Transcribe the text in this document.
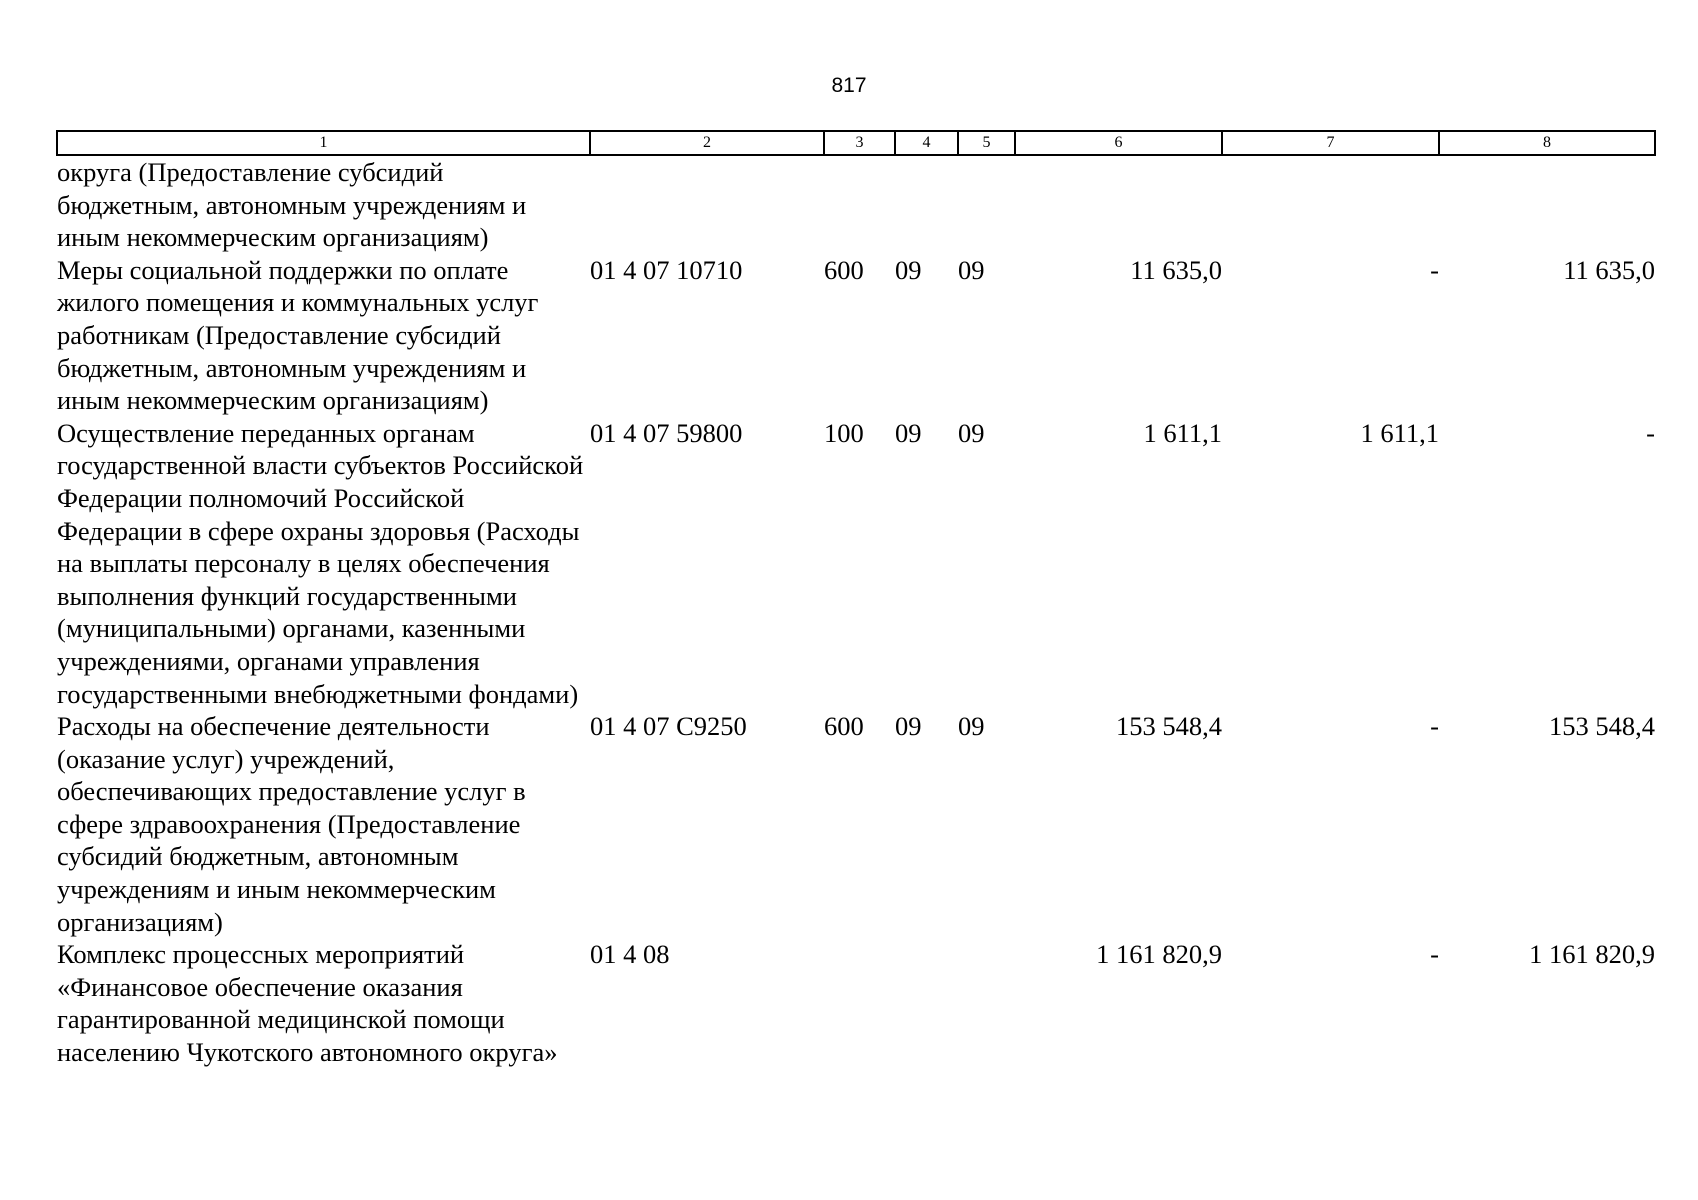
817
1	2	3	4	5	6	7	8
округа (Предоставление субсидий бюджетным, автономным учреждениям и иным некоммерческим организациям)							
Меры социальной поддержки по оплате жилого помещения и коммунальных услуг работникам (Предоставление субсидий бюджетным, автономным учреждениям и иным некоммерческим организациям)	01 4 07 10710	600	09	09	11 635,0	-	11 635,0
Осуществление переданных органам государственной власти субъектов Российской Федерации полномочий Российской Федерации в сфере охраны здоровья (Расходы на выплаты персоналу в целях обеспечения выполнения функций государственными (муниципальными) органами, казенными учреждениями, органами управления государственными внебюджетными фондами)	01 4 07 59800	100	09	09	1 611,1	1 611,1	-
Расходы на обеспечение деятельности (оказание услуг) учреждений, обеспечивающих предоставление услуг в сфере здравоохранения (Предоставление субсидий бюджетным, автономным учреждениям и иным некоммерческим организациям)	01 4 07 С9250	600	09	09	153 548,4	-	153 548,4
Комплекс процессных мероприятий «Финансовое обеспечение оказания гарантированной медицинской помощи населению Чукотского автономного округа»	01 4 08				1 161 820,9	-	1 161 820,9
